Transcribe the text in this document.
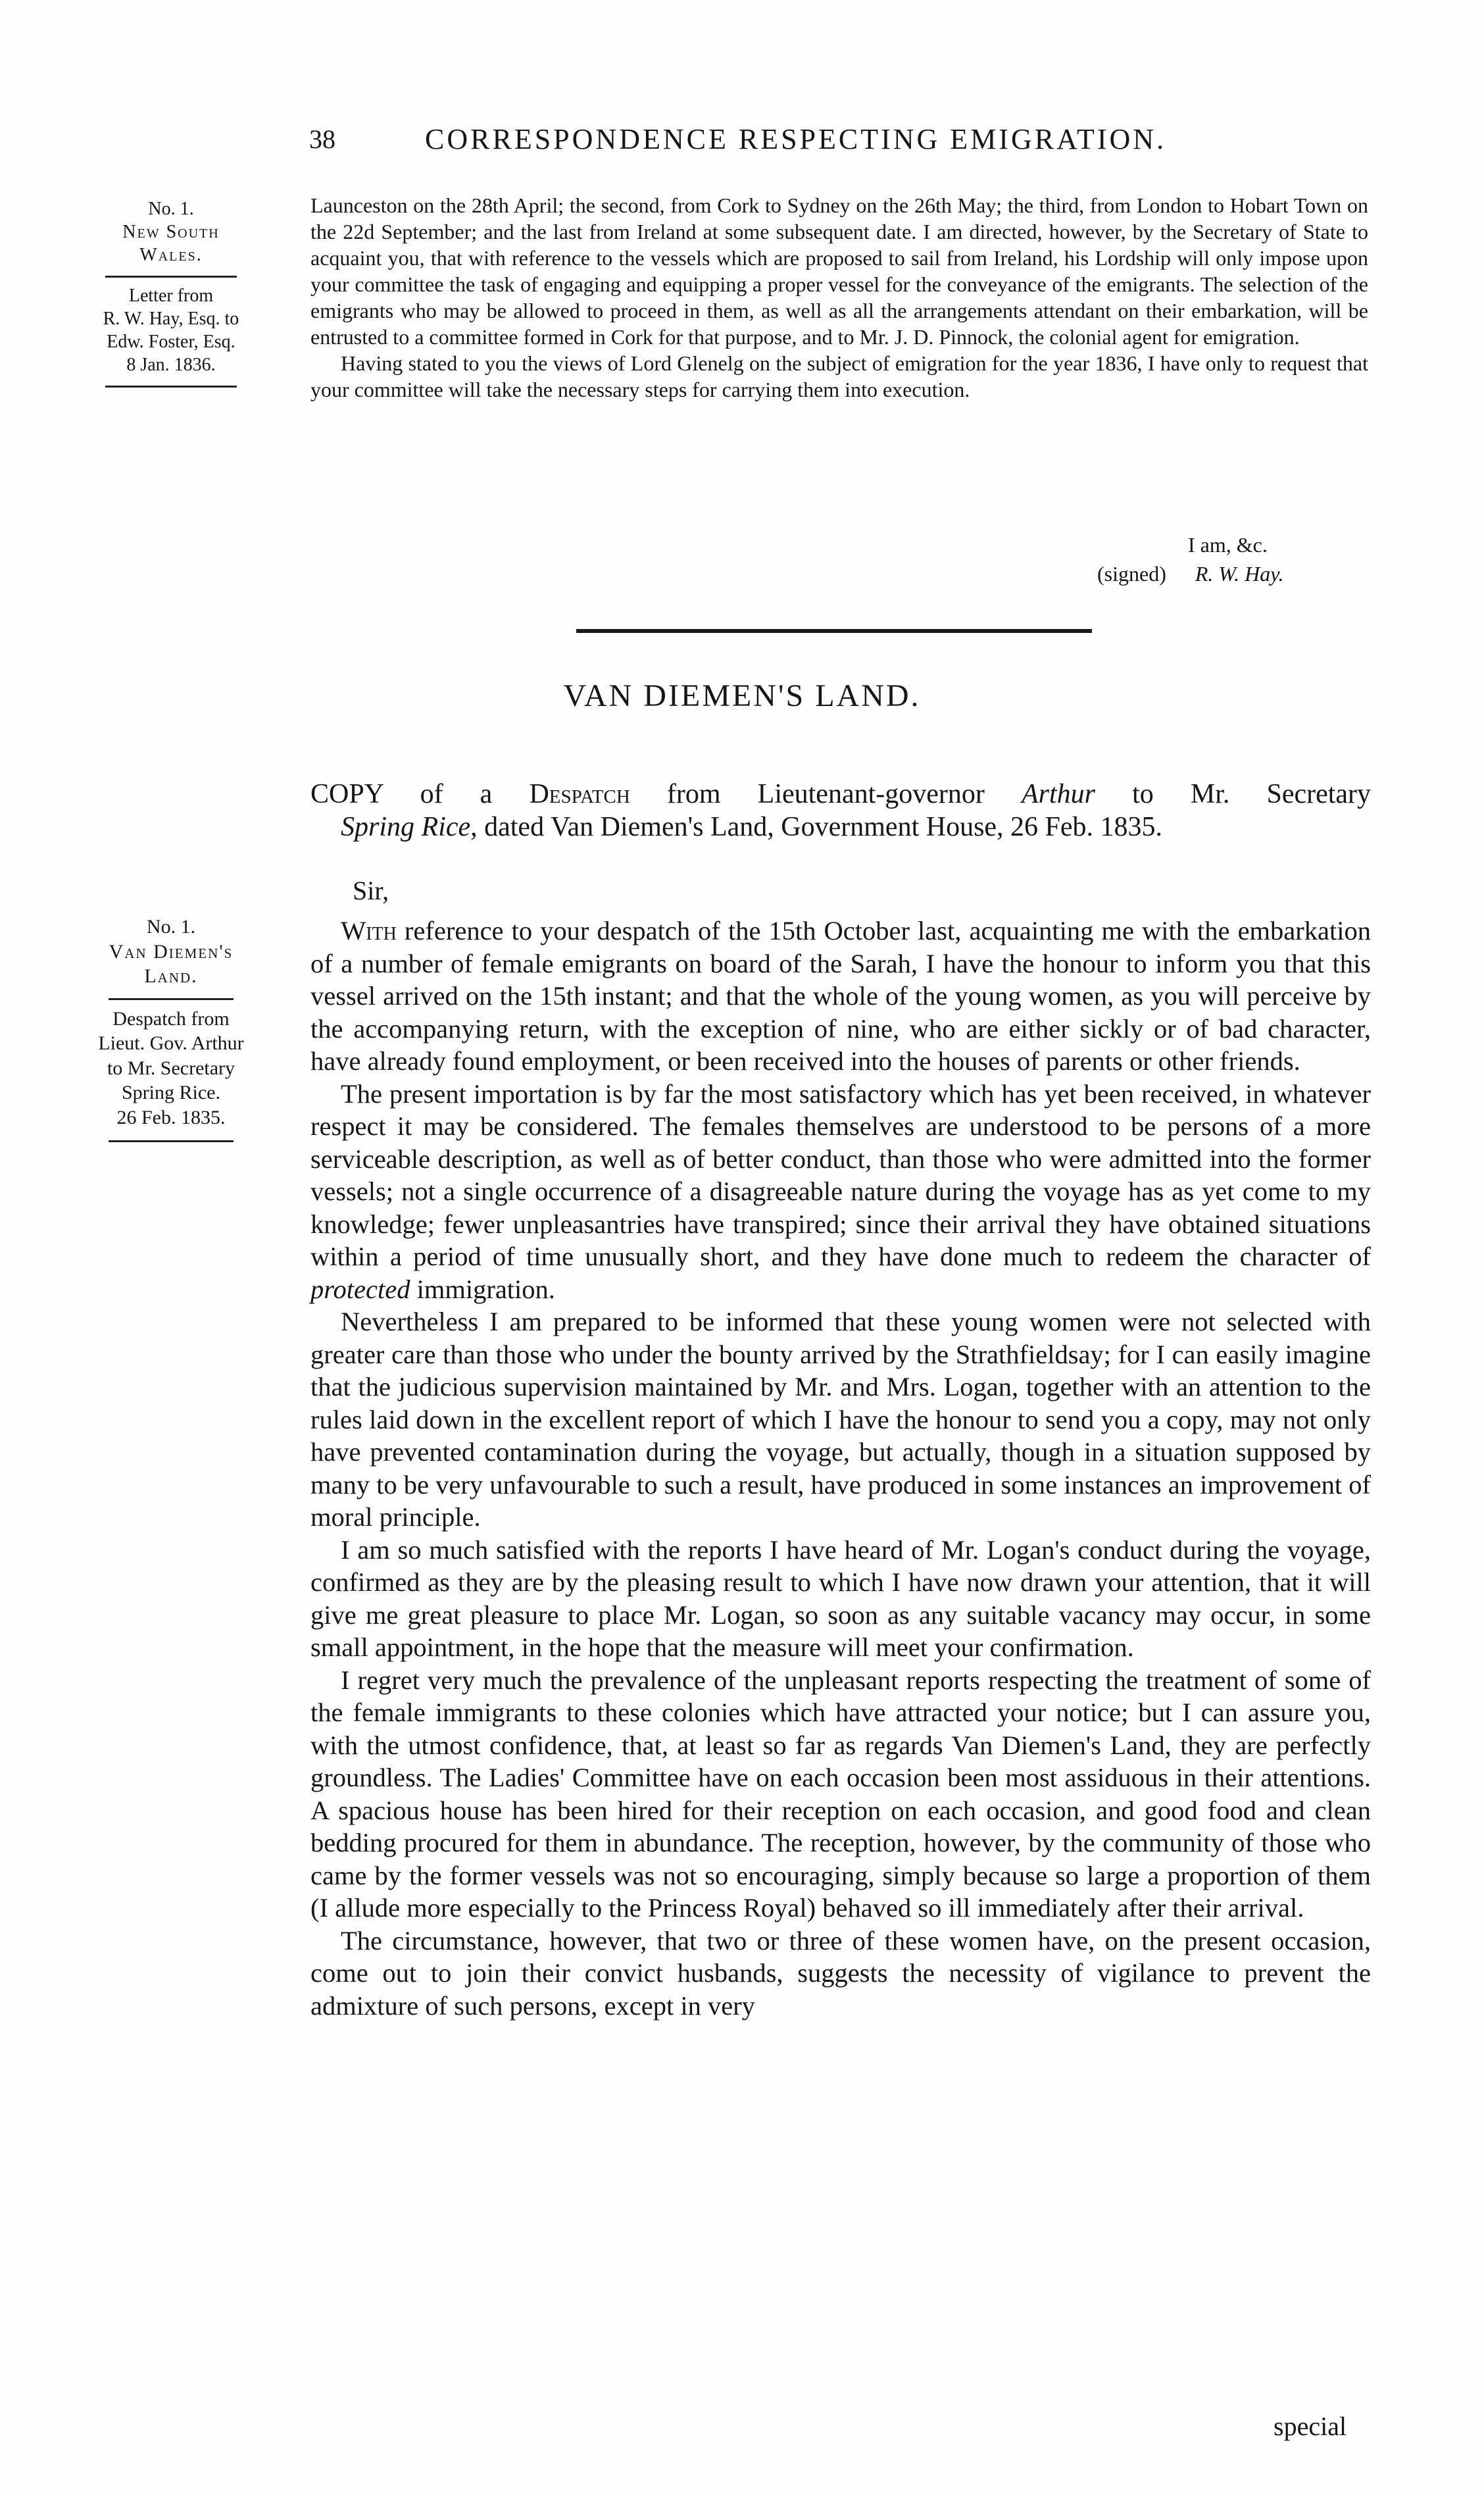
38	CORRESPONDENCE RESPECTING EMIGRATION.
No. 1.
New South
Wales.
Letter from
R. W. Hay, Esq. to
Edw. Foster, Esq.
8 Jan. 1836.

Launceston on the 28th April; the second, from Cork to Sydney on the 26th May; the third, from London to Hobart Town on the 22d September; and the last from Ireland at some subsequent date. I am directed, however, by the Secretary of State to acquaint you, that with reference to the vessels which are proposed to sail from Ireland, his Lordship will only impose upon your committee the task of engaging and equipping a proper vessel for the conveyance of the emigrants. The selection of the emigrants who may be allowed to proceed in them, as well as all the arrangements attendant on their embarkation, will be entrusted to a committee formed in Cork for that purpose, and to Mr. J. D. Pinnock, the colonial agent for emigration.

Having stated to you the views of Lord Glenelg on the subject of emigration for the year 1836, I have only to request that your committee will take the necessary steps for carrying them into execution.

I am, &c.
(signed) R. W. Hay.
VAN DIEMEN'S LAND.
COPY of a Despatch from Lieutenant-governor Arthur to Mr. Secretary
Spring Rice, dated Van Diemen's Land, Government House, 26 Feb. 1835.
Sir,
No. 1.
Van Diemen's
Land.
Despatch from
Lieut. Gov. Arthur
to Mr. Secretary
Spring Rice.
26 Feb. 1835.

With reference to your despatch of the 15th October last, acquainting me with the embarkation of a number of female emigrants on board of the Sarah, I have the honour to inform you that this vessel arrived on the 15th instant; and that the whole of the young women, as you will perceive by the accompanying return, with the exception of nine, who are either sickly or of bad character, have already found employment, or been received into the houses of parents or other friends.

The present importation is by far the most satisfactory which has yet been received, in whatever respect it may be considered. The females themselves are understood to be persons of a more serviceable description, as well as of better conduct, than those who were admitted into the former vessels; not a single occurrence of a disagreeable nature during the voyage has as yet come to my knowledge; fewer unpleasantries have transpired; since their arrival they have obtained situations within a period of time unusually short, and they have done much to redeem the character of protected immigration.

Nevertheless I am prepared to be informed that these young women were not selected with greater care than those who under the bounty arrived by the Strathfieldsay; for I can easily imagine that the judicious supervision maintained by Mr. and Mrs. Logan, together with an attention to the rules laid down in the excellent report of which I have the honour to send you a copy, may not only have prevented contamination during the voyage, but actually, though in a situation supposed by many to be very unfavourable to such a result, have produced in some instances an improvement of moral principle.

I am so much satisfied with the reports I have heard of Mr. Logan's conduct during the voyage, confirmed as they are by the pleasing result to which I have now drawn your attention, that it will give me great pleasure to place Mr. Logan, so soon as any suitable vacancy may occur, in some small appointment, in the hope that the measure will meet your confirmation.

I regret very much the prevalence of the unpleasant reports respecting the treatment of some of the female immigrants to these colonies which have attracted your notice; but I can assure you, with the utmost confidence, that, at least so far as regards Van Diemen's Land, they are perfectly groundless. The Ladies' Committee have on each occasion been most assiduous in their attentions. A spacious house has been hired for their reception on each occasion, and good food and clean bedding procured for them in abundance. The reception, however, by the community of those who came by the former vessels was not so encouraging, simply because so large a proportion of them (I allude more especially to the Princess Royal) behaved so ill immediately after their arrival.

The circumstance, however, that two or three of these women have, on the present occasion, come out to join their convict husbands, suggests the necessity of vigilance to prevent the admixture of such persons, except in very

special
